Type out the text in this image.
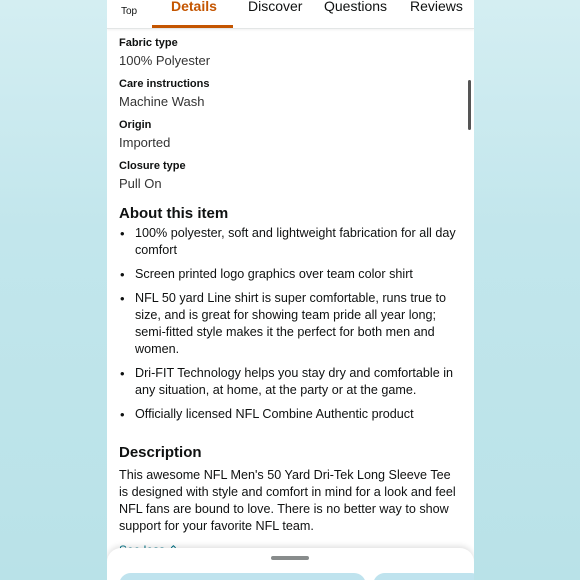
Top Details Discover Questions Reviews
Fabric type
100% Polyester
Care instructions
Machine Wash
Origin
Imported
Closure type
Pull On
About this item
• 100% polyester, soft and lightweight fabrication for all day comfort
• Screen printed logo graphics over team color shirt
• NFL 50 yard Line shirt is super comfortable, runs true to size, and is great for showing team pride all year long; semi-fitted style makes it the perfect for both men and women.
• Dri-FIT Technology helps you stay dry and comfortable in any situation, at home, at the party or at the game.
• Officially licensed NFL Combine Authentic product
Description

This awesome NFL Men's 50 Yard Dri-Tek Long Sleeve Tee is designed with style and comfort in mind for a look and feel NFL fans are bound to love. There is no better way to show support for your favorite NFL team.
